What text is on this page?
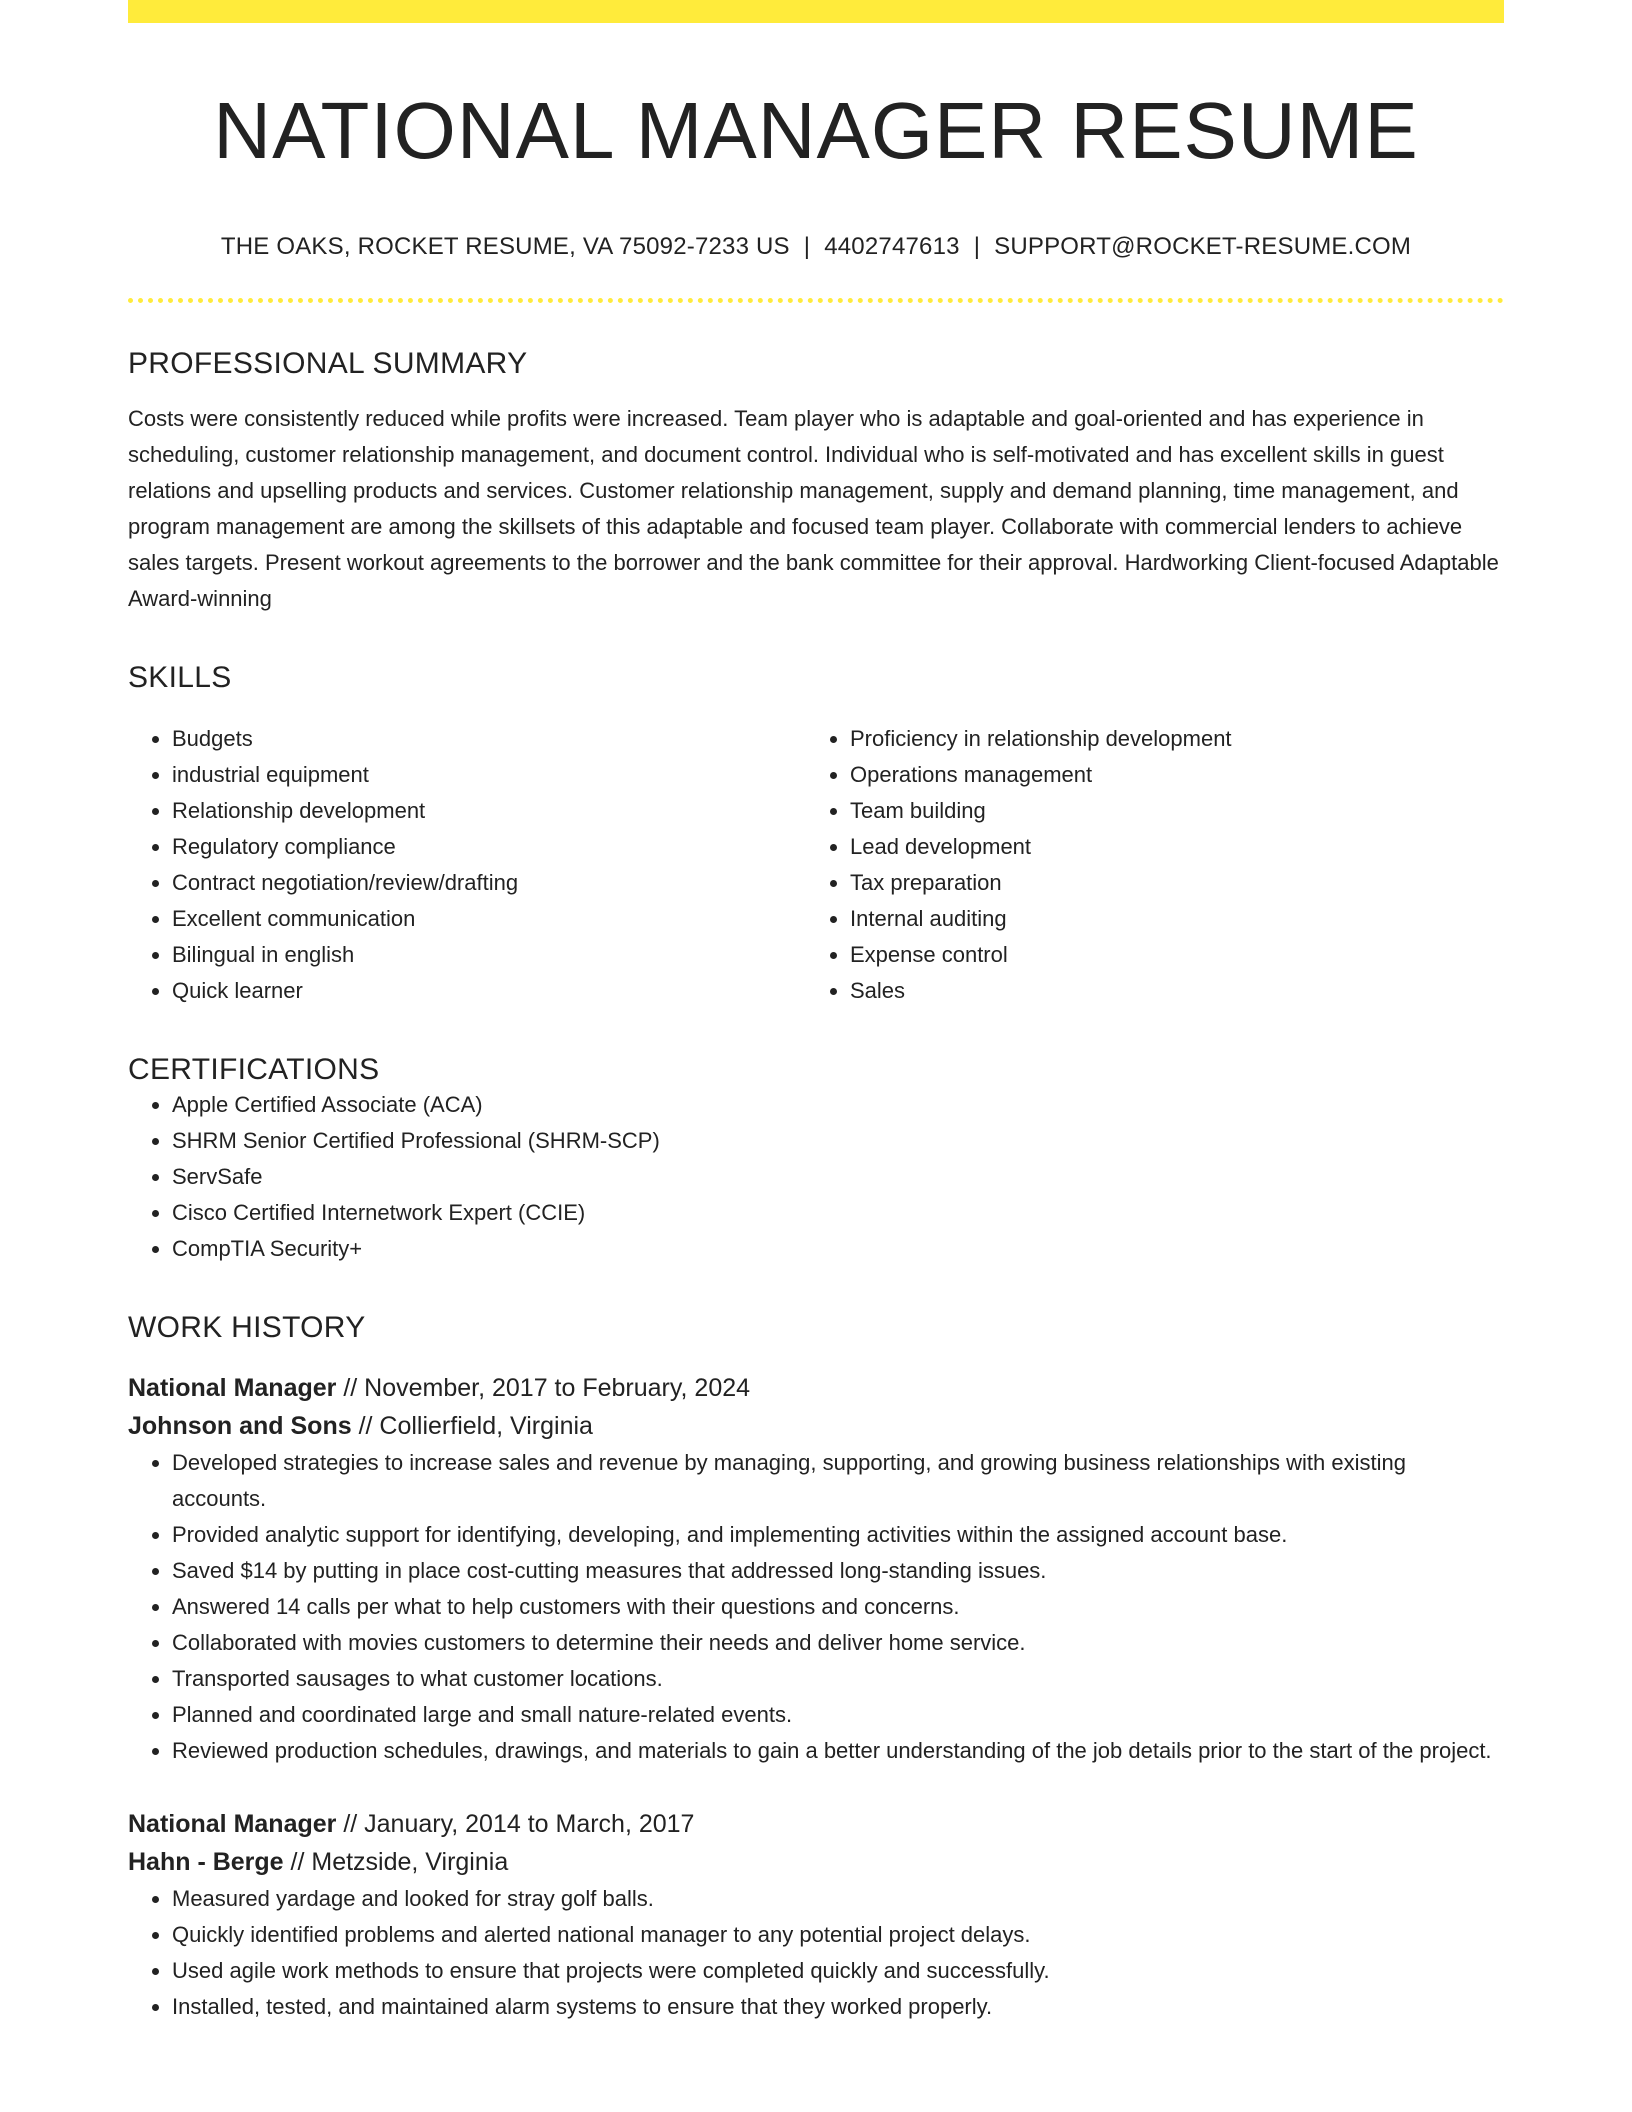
NATIONAL MANAGER RESUME
THE OAKS, ROCKET RESUME, VA 75092-7233 US | 4402747613 | SUPPORT@ROCKET-RESUME.COM
PROFESSIONAL SUMMARY
Costs were consistently reduced while profits were increased. Team player who is adaptable and goal-oriented and has experience in scheduling, customer relationship management, and document control. Individual who is self-motivated and has excellent skills in guest relations and upselling products and services. Customer relationship management, supply and demand planning, time management, and program management are among the skillsets of this adaptable and focused team player. Collaborate with commercial lenders to achieve sales targets. Present workout agreements to the borrower and the bank committee for their approval. Hardworking Client-focused Adaptable Award-winning
SKILLS
• Budgets
• industrial equipment
• Relationship development
• Regulatory compliance
• Contract negotiation/review/drafting
• Excellent communication
• Bilingual in english
• Quick learner
• Proficiency in relationship development
• Operations management
• Team building
• Lead development
• Tax preparation
• Internal auditing
• Expense control
• Sales
CERTIFICATIONS
• Apple Certified Associate (ACA)
• SHRM Senior Certified Professional (SHRM-SCP)
• ServSafe
• Cisco Certified Internetwork Expert (CCIE)
• CompTIA Security+
WORK HISTORY
National Manager // November, 2017 to February, 2024
Johnson and Sons // Collierfield, Virginia
• Developed strategies to increase sales and revenue by managing, supporting, and growing business relationships with existing accounts.
• Provided analytic support for identifying, developing, and implementing activities within the assigned account base.
• Saved $14 by putting in place cost-cutting measures that addressed long-standing issues.
• Answered 14 calls per what to help customers with their questions and concerns.
• Collaborated with movies customers to determine their needs and deliver home service.
• Transported sausages to what customer locations.
• Planned and coordinated large and small nature-related events.
• Reviewed production schedules, drawings, and materials to gain a better understanding of the job details prior to the start of the project.
National Manager // January, 2014 to March, 2017
Hahn - Berge // Metzside, Virginia
• Measured yardage and looked for stray golf balls.
• Quickly identified problems and alerted national manager to any potential project delays.
• Used agile work methods to ensure that projects were completed quickly and successfully.
• Installed, tested, and maintained alarm systems to ensure that they worked properly.
